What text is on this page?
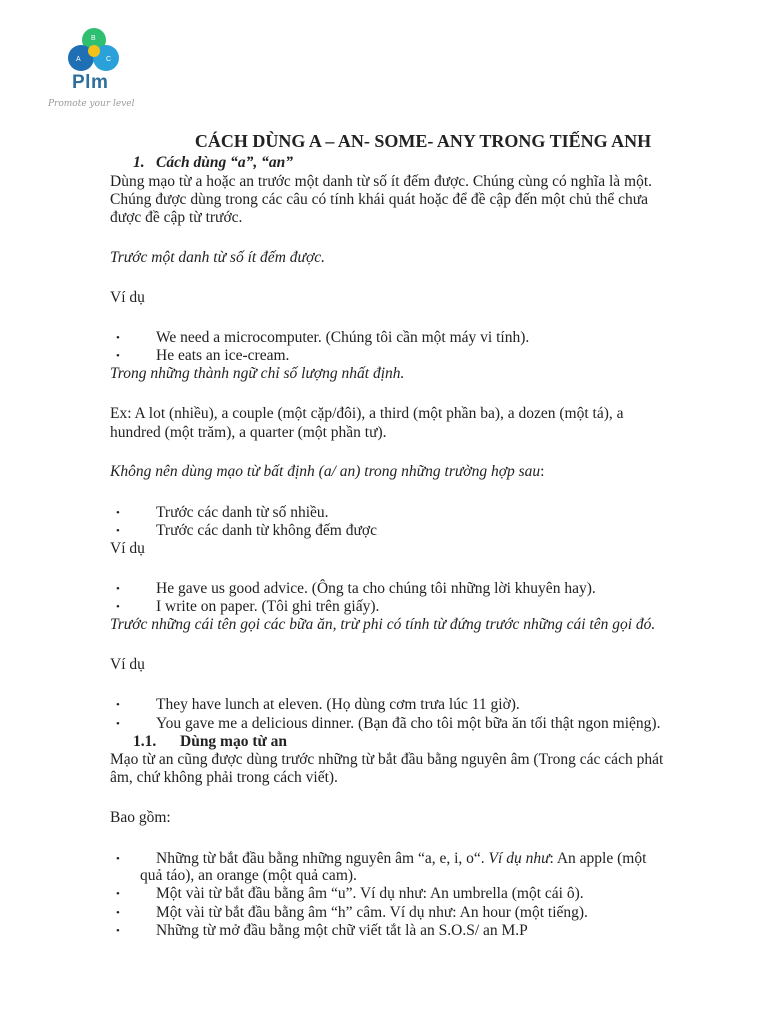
B
A	C
Plm
Promote your level
CÁCH DÙNG A – AN- SOME- ANY TRONG TIẾNG ANH
1. Cách dùng “a”, “an”
Dùng mạo từ a hoặc an trước một danh từ số ít đếm được. Chúng cùng có nghĩa là một.
Chúng được dùng trong các câu có tính khái quát hoặc để đề cập đến một chủ thể chưa
được đề cập từ trước.
Trước một danh từ số ít đếm được.
Ví dụ
• We need a microcomputer. (Chúng tôi cần một máy vi tính).
• He eats an ice-cream.
Trong những thành ngữ chỉ số lượng nhất định.
Ex: A lot (nhiều), a couple (một cặp/đôi), a third (một phần ba), a dozen (một tá), a
hundred (một trăm), a quarter (một phần tư).
Không nên dùng mạo từ bất định (a/ an) trong những trường hợp sau:
• Trước các danh từ số nhiều.
• Trước các danh từ không đếm được
Ví dụ
• He gave us good advice. (Ông ta cho chúng tôi những lời khuyên hay).
• I write on paper. (Tôi ghi trên giấy).
Trước những cái tên gọi các bữa ăn, trừ phi có tính từ đứng trước những cái tên gọi đó.
Ví dụ
• They have lunch at eleven. (Họ dùng cơm trưa lúc 11 giờ).
• You gave me a delicious dinner. (Bạn đã cho tôi một bữa ăn tối thật ngon miệng).
1.1. Dùng mạo từ an
Mạo từ an cũng được dùng trước những từ bắt đầu bằng nguyên âm (Trong các cách phát
âm, chứ không phải trong cách viết).
Bao gồm:
• Những từ bắt đầu bằng những nguyên âm “a, e, i, o“. Ví dụ như: An apple (một
quả táo), an orange (một quả cam).
• Một vài từ bắt đầu bằng âm “u”. Ví dụ như: An umbrella (một cái ô).
• Một vài từ bắt đầu bằng âm “h” câm. Ví dụ như: An hour (một tiếng).
• Những từ mở đầu bằng một chữ viết tắt là an S.O.S/ an M.P
